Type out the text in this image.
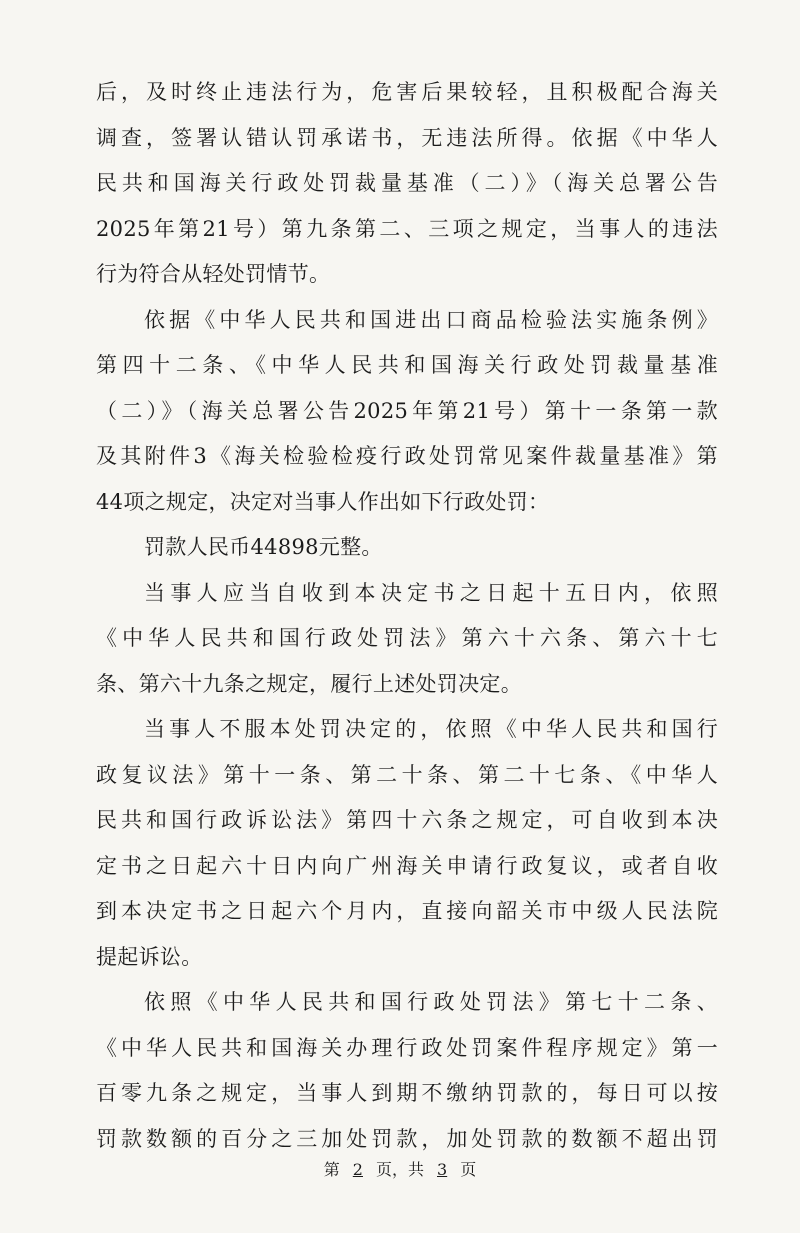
后，及时终止违法行为，危害后果较轻，且积极配合海关
调查，签署认错认罚承诺书，无违法所得。依据《中华人
民共和国海关行政处罚裁量基准（二）》（海关总署公告
2025年第21号）第九条第二、三项之规定，当事人的违法
行为符合从轻处罚情节。
依据《中华人民共和国进出口商品检验法实施条例》
第四十二条、《中华人民共和国海关行政处罚裁量基准
（二）》（海关总署公告2025年第21号）第十一条第一款
及其附件3《海关检验检疫行政处罚常见案件裁量基准》第
44项之规定，决定对当事人作出如下行政处罚：
罚款人民币44898元整。
当事人应当自收到本决定书之日起十五日内，依照
《中华人民共和国行政处罚法》第六十六条、第六十七
条、第六十九条之规定，履行上述处罚决定。
当事人不服本处罚决定的，依照《中华人民共和国行
政复议法》第十一条、第二十条、第二十七条、《中华人
民共和国行政诉讼法》第四十六条之规定，可自收到本决
定书之日起六十日内向广州海关申请行政复议，或者自收
到本决定书之日起六个月内，直接向韶关市中级人民法院
提起诉讼。
依照《中华人民共和国行政处罚法》第七十二条、
《中华人民共和国海关办理行政处罚案件程序规定》第一
百零九条之规定，当事人到期不缴纳罚款的，每日可以按
罚款数额的百分之三加处罚款，加处罚款的数额不超出罚
第 2 页，共 3 页
